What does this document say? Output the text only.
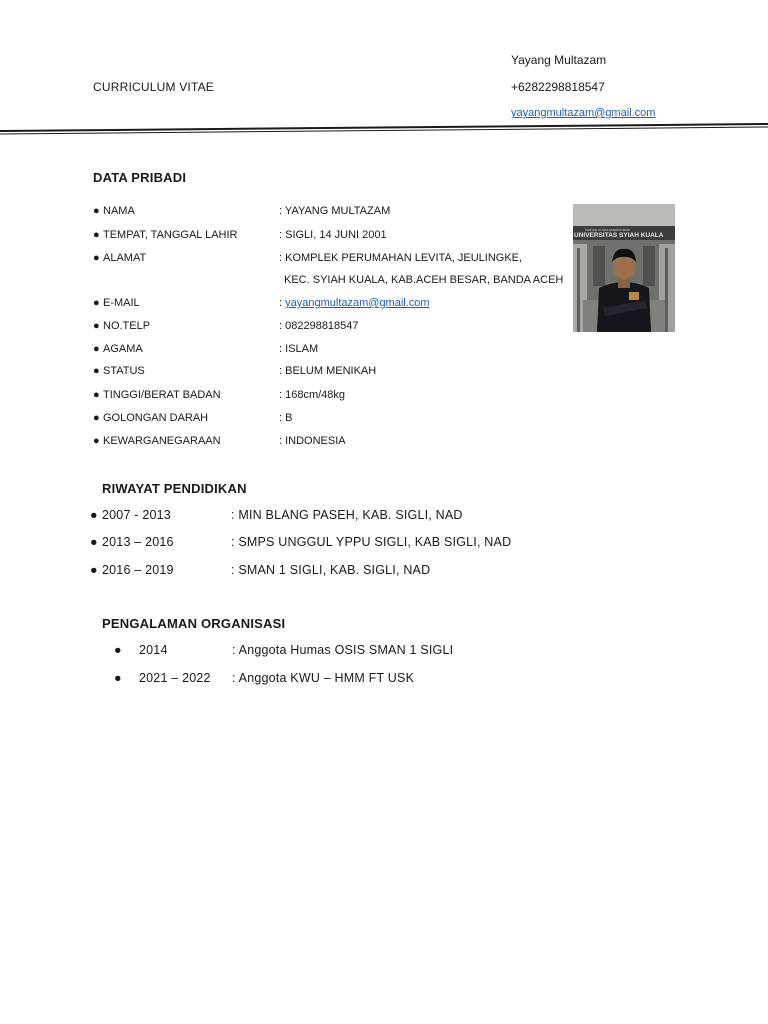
CURRICULUM VITAE
Yayang Multazam
+6282298818547
yayangmultazam@gmail.com
DATA PRIBADI
● NAMA	: YAYANG MULTAZAM
● TEMPAT, TANGGAL LAHIR	: SIGLI, 14 JUNI 2001
● ALAMAT	: KOMPLEK PERUMAHAN LEVITA, JEULINGKE,
KEC. SYIAH KUALA, KAB.ACEH BESAR, BANDA ACEH
● E-MAIL	: yayangmultazam@gmail.com
● NO.TELP	: 082298818547
● AGAMA	: ISLAM
● STATUS	: BELUM MENIKAH
● TINGGI/BERAT BADAN	: 168cm/48kg
● GOLONGAN DARAH	: B
● KEWARGANEGARAAN	: INDONESIA
KANTOR PUSAT ADMINISTRASI
UNIVERSITAS SYIAH KUALA
RIWAYAT PENDIDIKAN
● 2007 - 2013	: MIN BLANG PASEH, KAB. SIGLI, NAD
● 2013 – 2016	: SMPS UNGGUL YPPU SIGLI, KAB SIGLI, NAD
● 2016 – 2019	: SMAN 1 SIGLI, KAB. SIGLI, NAD
PENGALAMAN ORGANISASI
● 2014	: Anggota Humas OSIS SMAN 1 SIGLI
● 2021 – 2022 : Anggota KWU – HMM FT USK
